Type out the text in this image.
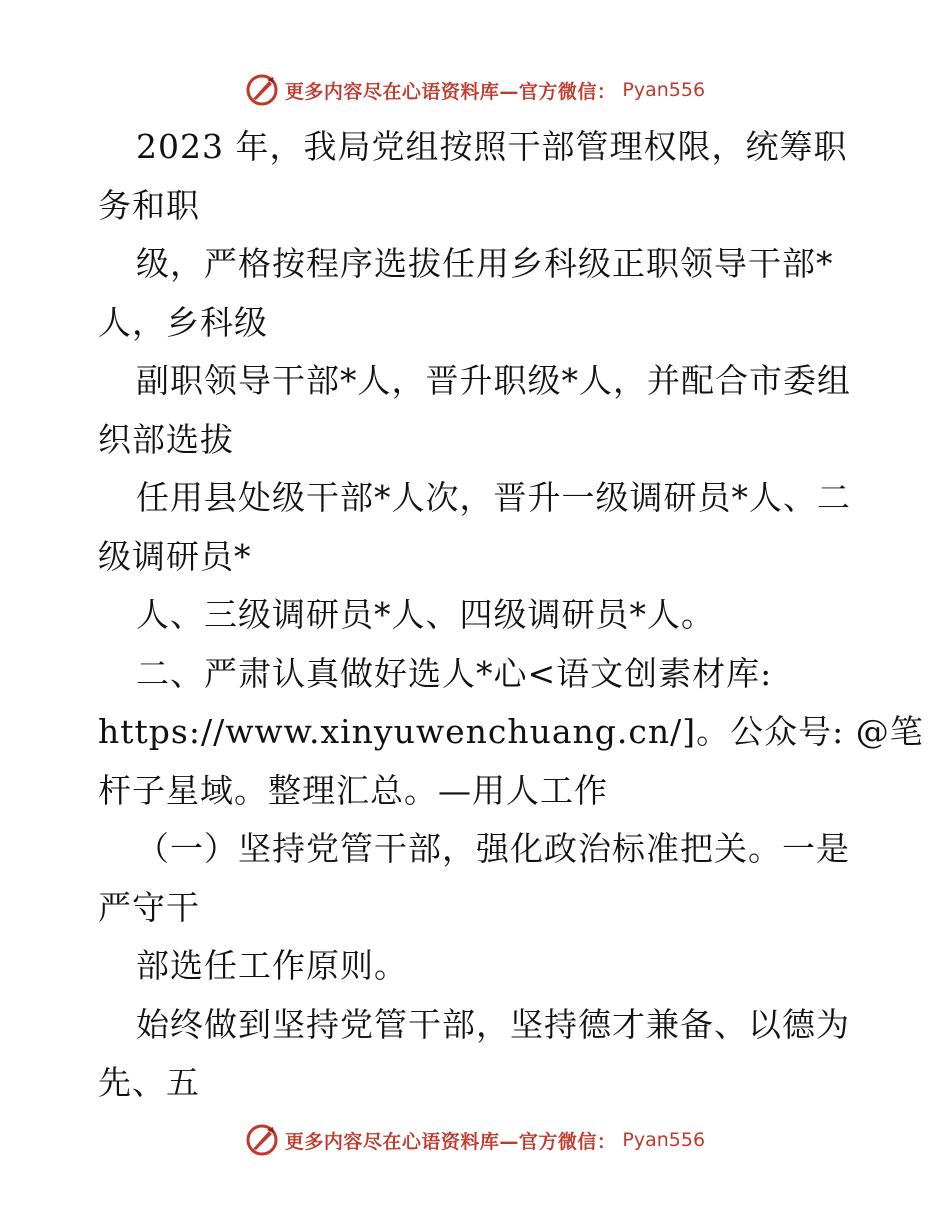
更多内容尽在心语资料库—官方微信： Pyan556
2023 年，我局党组按照干部管理权限，统筹职
务和职
级，严格按程序选拔任用乡科级正职领导干部*
人，乡科级
副职领导干部*人，晋升职级*人，并配合市委组
织部选拔
任用县处级干部*人次，晋升一级调研员*人、二
级调研员*
人、三级调研员*人、四级调研员*人。
二、严肃认真做好选人*心<语文创素材库:
https://www.xinyuwenchuang.cn/]。公众号: @笔
杆子星域。整理汇总。—用人工作
（一）坚持党管干部，强化政治标准把关。一是
严守干
部选任工作原则。
始终做到坚持党管干部，坚持德才兼备、以德为
先、五
更多内容尽在心语资料库—官方微信： Pyan556
